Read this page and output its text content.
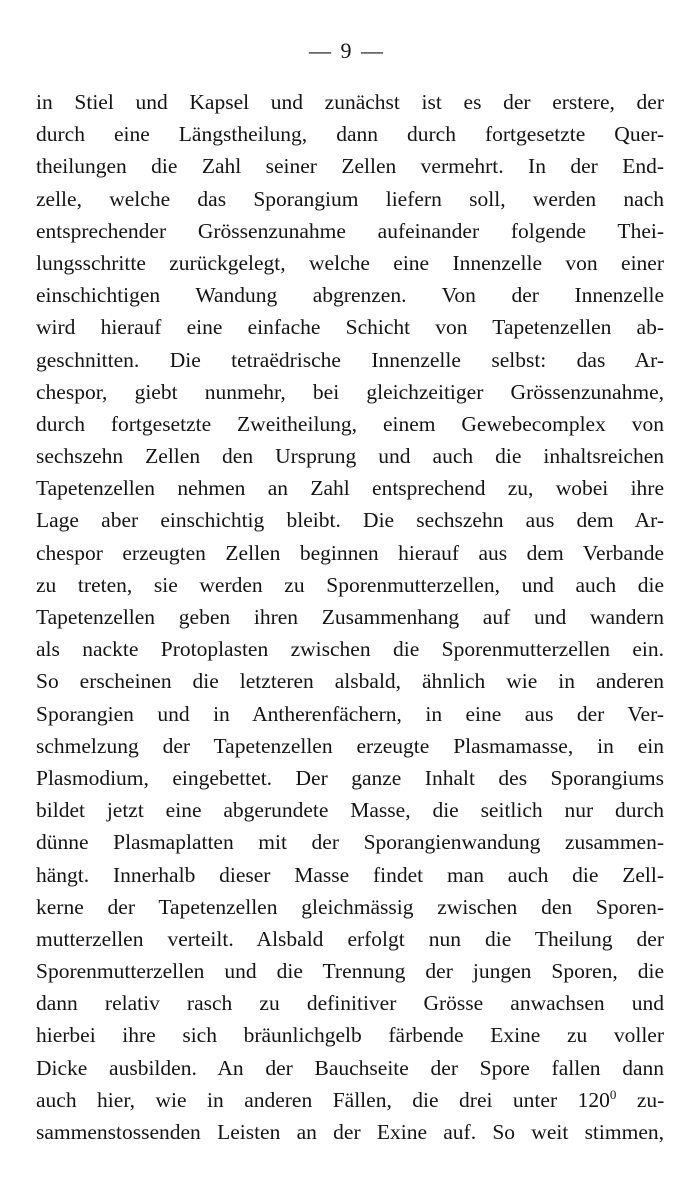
— 9 —
in Stiel und Kapsel und zunächst ist es der erstere, der
durch eine Längstheilung, dann durch fortgesetzte Quer-
theilungen die Zahl seiner Zellen vermehrt. In der End-
zelle, welche das Sporangium liefern soll, werden nach
entsprechender Grössenzunahme aufeinander folgende Thei-
lungsschritte zurückgelegt, welche eine Innenzelle von einer
einschichtigen Wandung abgrenzen. Von der Innenzelle
wird hierauf eine einfache Schicht von Tapetenzellen ab-
geschnitten. Die tetraëdrische Innenzelle selbst: das Ar-
chespor, giebt nunmehr, bei gleichzeitiger Grössenzunahme,
durch fortgesetzte Zweitheilung, einem Gewebecomplex von
sechszehn Zellen den Ursprung und auch die inhaltsreichen
Tapetenzellen nehmen an Zahl entsprechend zu, wobei ihre
Lage aber einschichtig bleibt. Die sechszehn aus dem Ar-
chespor erzeugten Zellen beginnen hierauf aus dem Verbande
zu treten, sie werden zu Sporenmutterzellen, und auch die
Tapetenzellen geben ihren Zusammenhang auf und wandern
als nackte Protoplasten zwischen die Sporenmutterzellen ein.
So erscheinen die letzteren alsbald, ähnlich wie in anderen
Sporangien und in Antherenfächern, in eine aus der Ver-
schmelzung der Tapetenzellen erzeugte Plasmamasse, in ein
Plasmodium, eingebettet. Der ganze Inhalt des Sporangiums
bildet jetzt eine abgerundete Masse, die seitlich nur durch
dünne Plasmaplatten mit der Sporangienwandung zusammen-
hängt. Innerhalb dieser Masse findet man auch die Zell-
kerne der Tapetenzellen gleichmässig zwischen den Sporen-
mutterzellen verteilt. Alsbald erfolgt nun die Theilung der
Sporenmutterzellen und die Trennung der jungen Sporen, die
dann relativ rasch zu definitiver Grösse anwachsen und
hierbei ihre sich bräunlichgelb färbende Exine zu voller
Dicke ausbilden. An der Bauchseite der Spore fallen dann
auch hier, wie in anderen Fällen, die drei unter $120^0$ zu-
sammenstossenden Leisten an der Exine auf. So weit stimmen,
